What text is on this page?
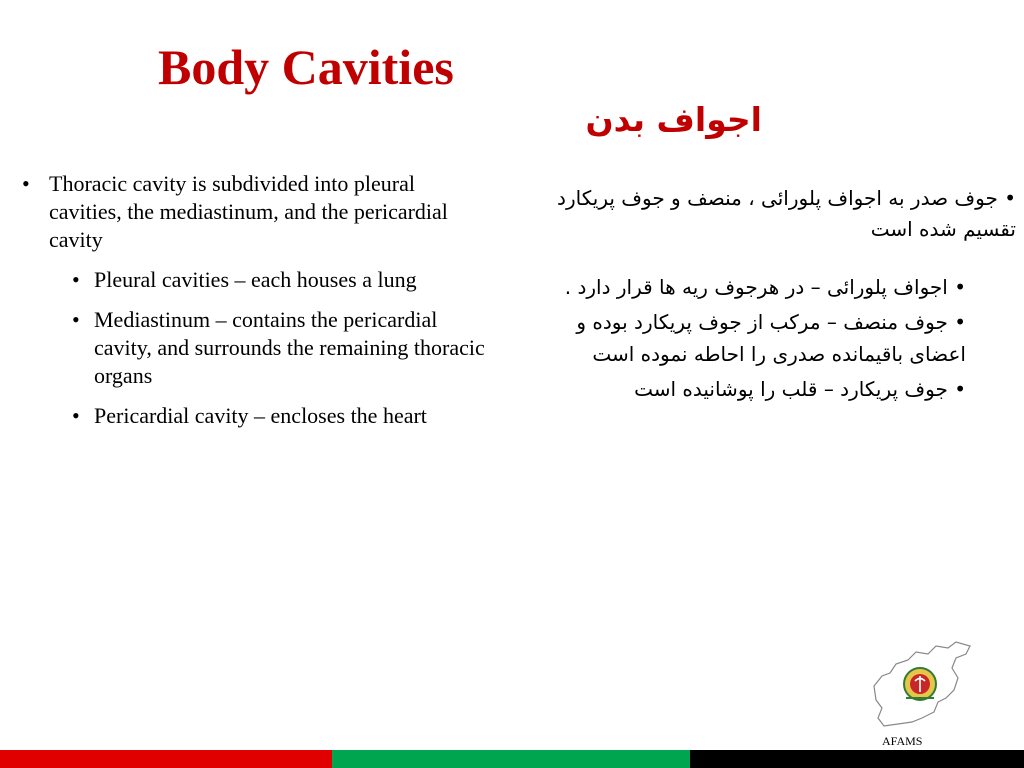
Body Cavities
اجواف بدن
• Thoracic cavity is subdivided into pleural cavities, the mediastinum, and the pericardial cavity
• Pleural cavities – each houses a lung
• Mediastinum – contains the pericardial cavity, and surrounds the remaining thoracic organs
• Pericardial cavity – encloses the heart
• جوف صدر به اجواف پلورائی ، منصف و جوف پریکارد تقسیم شده است
• اجواف پلورائی – در هرجوف ریه ها قرار دارد .
• جوف منصف – مرکب از جوف پریکارد بوده و اعضای باقیمانده صدری را احاطه نموده است
• جوف پریکارد – قلب را پوشانیده است
AFAMS
